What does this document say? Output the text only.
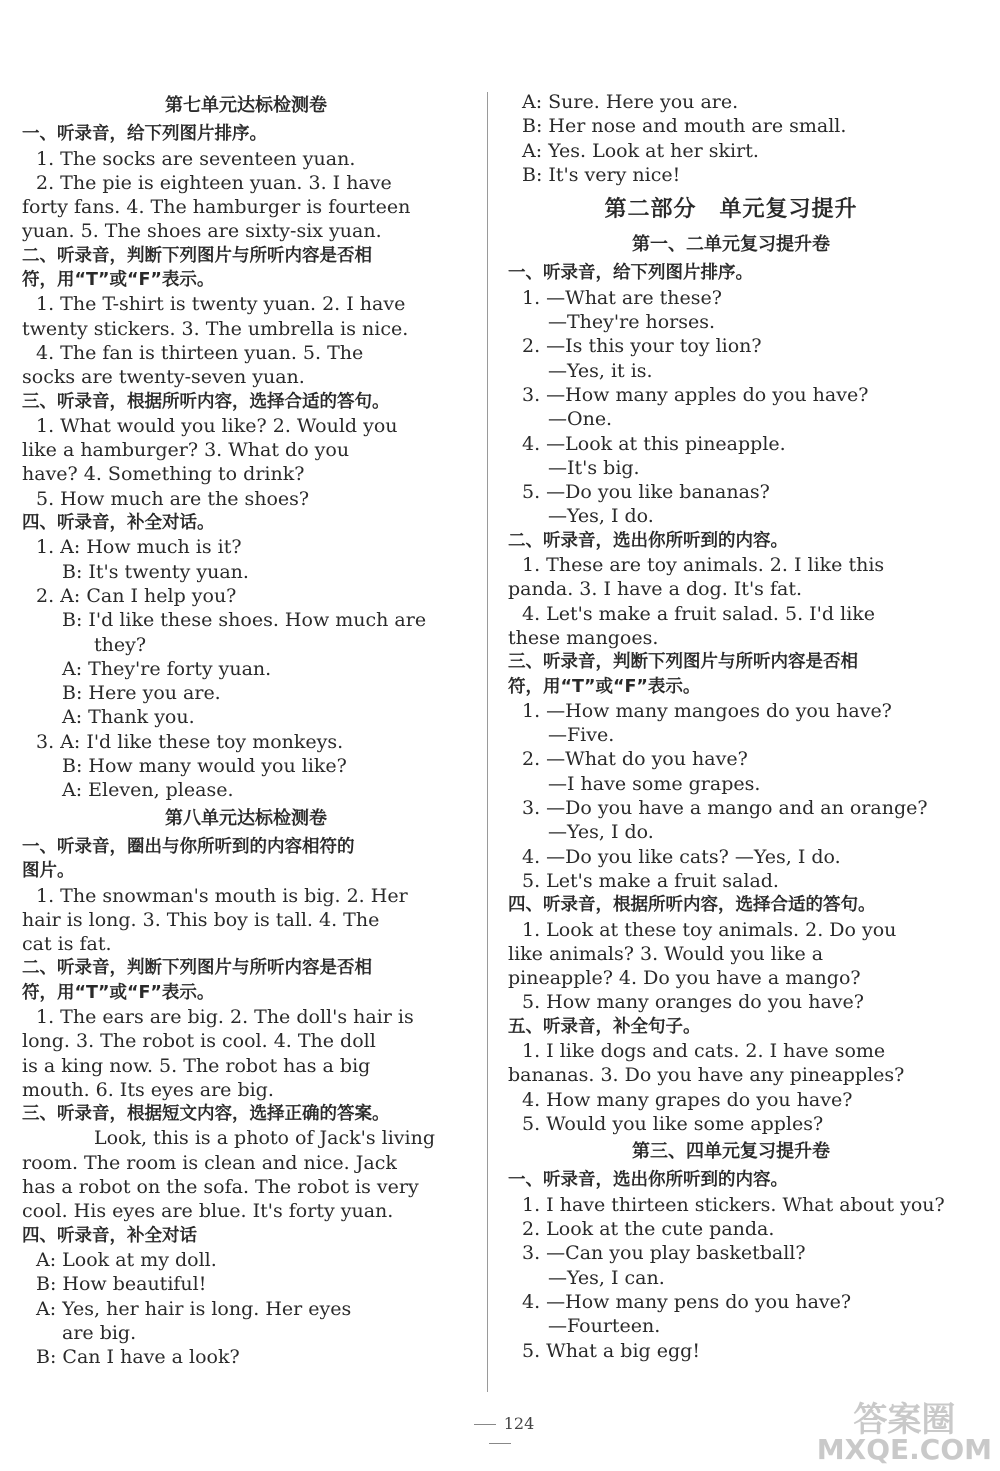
第七单元达标检测卷
一、听录音，给下列图片排序。
1. The socks are seventeen yuan.
2. The pie is eighteen yuan. 3. I have
forty fans. 4. The hamburger is fourteen
yuan. 5. The shoes are sixty-six yuan.
二、听录音，判断下列图片与所听内容是否相
符，用“T”或“F”表示。
1. The T-shirt is twenty yuan. 2. I have
twenty stickers. 3. The umbrella is nice.
4. The fan is thirteen yuan. 5. The
socks are twenty-seven yuan.
三、听录音，根据所听内容，选择合适的答句。
1. What would you like? 2. Would you
like a hamburger? 3. What do you
have? 4. Something to drink?
5. How much are the shoes?
四、听录音，补全对话。
1. A: How much is it?
B: It's twenty yuan.
2. A: Can I help you?
B: I'd like these shoes. How much are
they?
A: They're forty yuan.
B: Here you are.
A: Thank you.
3. A: I'd like these toy monkeys.
B: How many would you like?
A: Eleven, please.
第八单元达标检测卷
一、听录音，圈出与你所听到的内容相符的
图片。
1. The snowman's mouth is big. 2. Her
hair is long. 3. This boy is tall. 4. The
cat is fat.
二、听录音，判断下列图片与所听内容是否相
符，用“T”或“F”表示。
1. The ears are big. 2. The doll's hair is
long. 3. The robot is cool. 4. The doll
is a king now. 5. The robot has a big
mouth. 6. Its eyes are big.
三、听录音，根据短文内容，选择正确的答案。
Look, this is a photo of Jack's living
room. The room is clean and nice. Jack
has a robot on the sofa. The robot is very
cool. His eyes are blue. It's forty yuan.
四、听录音，补全对话
A: Look at my doll.
B: How beautiful!
A: Yes, her hair is long. Her eyes
are big.
B: Can I have a look?
A: Sure. Here you are.
B: Her nose and mouth are small.
A: Yes. Look at her skirt.
B: It's very nice!
第二部分　单元复习提升
第一、二单元复习提升卷
一、听录音，给下列图片排序。
1. —What are these?
—They're horses.
2. —Is this your toy lion?
—Yes, it is.
3. —How many apples do you have?
—One.
4. —Look at this pineapple.
—It's big.
5. —Do you like bananas?
—Yes, I do.
二、听录音，选出你所听到的内容。
1. These are toy animals. 2. I like this
panda. 3. I have a dog. It's fat.
4. Let's make a fruit salad. 5. I'd like
these mangoes.
三、听录音，判断下列图片与所听内容是否相
符，用“T”或“F”表示。
1. —How many mangoes do you have?
—Five.
2. —What do you have?
—I have some grapes.
3. —Do you have a mango and an orange?
—Yes, I do.
4. —Do you like cats? —Yes, I do.
5. Let's make a fruit salad.
四、听录音，根据所听内容，选择合适的答句。
1. Look at these toy animals. 2. Do you
like animals? 3. Would you like a
pineapple? 4. Do you have a mango?
5. How many oranges do you have?
五、听录音，补全句子。
1. I like dogs and cats. 2. I have some
bananas. 3. Do you have any pineapples?
4. How many grapes do you have?
5. Would you like some apples?
第三、四单元复习提升卷
一、听录音，选出你所听到的内容。
1. I have thirteen stickers. What about you?
2. Look at the cute panda.
3. —Can you play basketball?
—Yes, I can.
4. —How many pens do you have?
—Fourteen.
5. What a big egg!
124	答案圈
MXQE.COM
